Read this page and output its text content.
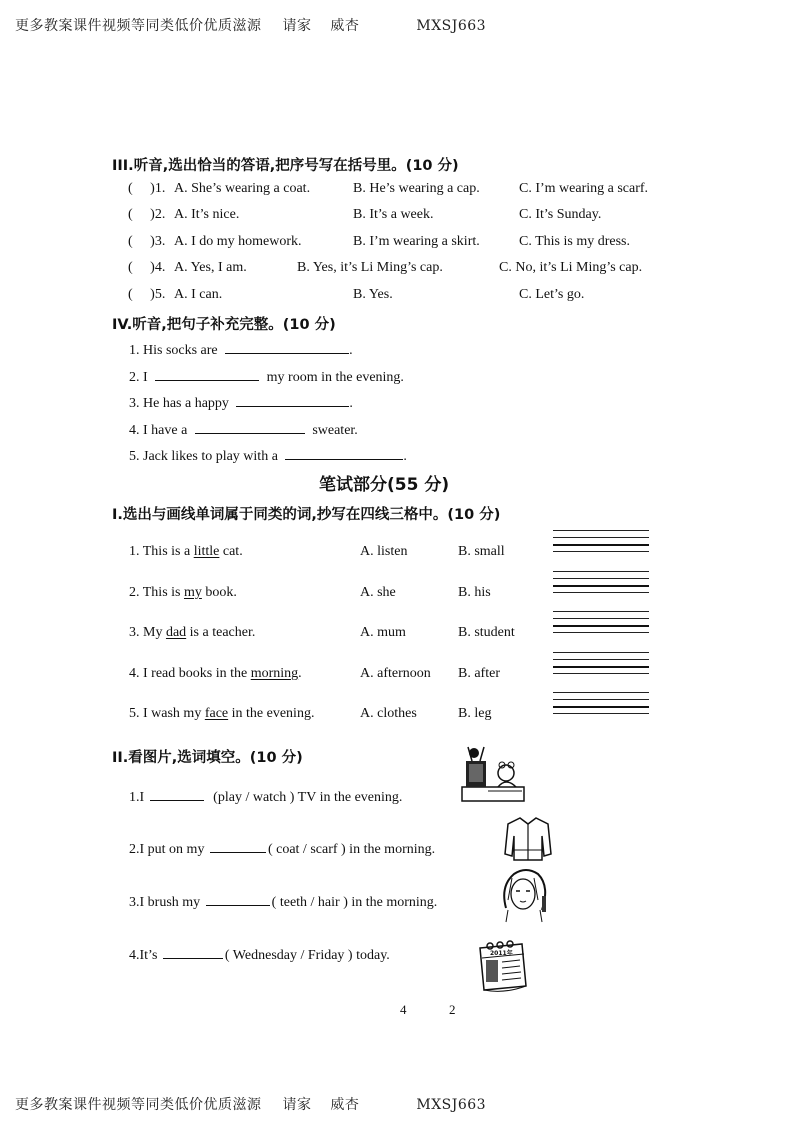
更多教案课件视频等同类低价优质滋源 请家 威杏	MXSJ663
III.听音,选出恰当的答语,把序号写在括号里。(10 分)
(     )1. A. She’s wearing a coat.	B. He’s wearing a cap.	C. I’m wearing a scarf.
(     )2. A. It’s nice.	B. It’s a week.	C. It’s Sunday.
(     )3. A. I do my homework.	B. I’m wearing a skirt.	C. This is my dress.
(     )4. A. Yes, I am.	B. Yes, it’s Li Ming’s cap.	C. No, it’s Li Ming’s cap.
(     )5. A. I can.	B. Yes.	C. Let’s go.
IV.听音,把句子补充完整。(10 分)
1. His socks are	.
2. I	my room in the evening.
3. He has a happy	.
4. I have a	sweater.
5. Jack likes to play with a	.
笔试部分(55 分)
I.选出与画线单词属于同类的词,抄写在四线三格中。(10 分)
1. This is a little cat.	A. listen	B. small
2. This is my book.	A. she	B. his
3. My dad is a teacher.	A. mum	B. student
4. I read books in the morning.	A. afternoon B. after
5. I wash my face in the evening.	A. clothes	B. leg
II.看图片,选词填空。(10 分)
1.I	(play / watch ) TV in the evening.
2.I put on my	( coat / scarf ) in the morning.
3.I brush my	( teeth / hair ) in the morning.
4.It’s	( Wednesday / Friday ) today.	2011年
4	2
更多教案课件视频等同类低价优质滋源 请家 威杏	MXSJ663
